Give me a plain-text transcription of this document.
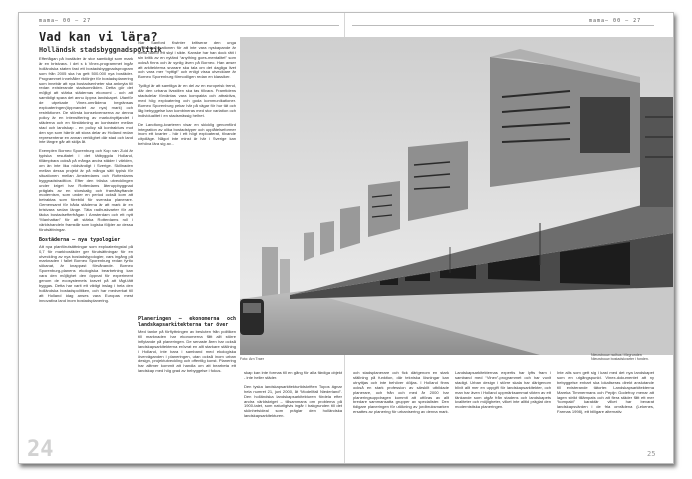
mama– 00 – 27	mama– 00 – 27
Vad kan vi lära?
Holländsk stadsbyggnadspolitik

Effertågan på bostäder är stor samtidigt som mark är en bristvara. I det s k Vinex-programmet ingår holländska staten fast ett bostadsbyggnadsprogram som från 2005 ska ha gett 500.000 nya bostäder. Programmet innehåller riktlinjer för bostadsplanering som innebär att nya bostadsenheter ska anknyta till redan existerande stadsområden. Detta gör det möjligt att stärka städernas ekonomi - och att samtidigt spara det annu öppna landskapet. Utanför de utpekade Vinex-områdena begränsas exploateringen(öppnandet av nya) mark) och restriktioner. De största konsekvenserna av denna policy är en intensifiering av markutnyttjandet i städerna och en förstärkning av kontraster mellan stad och landskap - en policy så kontrakturs mot den syn som härrör att stora delar av Holland redan representerar en annan verklighet där stad och land inte längre går att skilja åt.

Exemplen Borneo Sporenburg och Kop van Zuid är typiska resultatet i det tätbyggda Holland, tillämpbara också på många andra städer i världen, om än inte lika nödvändigt i Sverige. Skillnaden mellan dessa projekt är på många sätt typisk för situationen mellan Amsterdams och Rotterdams byggnadstradition. Efter den tröska utvecklingen under kriget har Rotterdams återuppbyggnad präglats av en storskalig och framåtsyftande modernism, som under en period också kom att betraktas som förebild för svenska planerare. Gemensamt för båda städerna är att mark är en bristvara sedan länge. Täta radhuskvarter för att täcka bostadsefterfrågan i Amsterdam och ett nytt “Manhattan” för att stärka Rotterdams roll i världshandeln framstår som logiska följder av dessa förutsättningar.

Bostäderna – nya typologier

Att nya planförutsättningar som exploateringstal på 0,7 för markbostäder ger förutsättningar för en utveckling av nya bostadstypologier, vars ingång på marknaden i fallet Borneo Sporenburg redan fyrtio sökanat, är knappast förvånande. Borneo Sporenburg-planens ekologiska bearbetning kan vara den möjlighet den öppnat för experiment genom de ecosystemets kravet på att tågt-tätt byggas. Detta har varit ett viktigt inslag i hela den holländska bostadspolitiken, och har medverkat till att Holland idag anses vara Europas mest innovativa land inom bostadsplanering.

Nar Sanford Kwinter kritiserar den unga arkitektgenerationen för att inte vara nyskapande är detta därför ett skyl i sikte. Kanske har han dock rätt i sin kritik av en nytänd “anything goes-mentalitet” som också finns och är synlig även på Borneo. Han anser att arkitekterna snarare ska tala om det dagliga livet och vara mer “nyttigt” och enligt vissa utvecklare är Borneo Sporenburg förmodligen redan en klassiker.

Tydligt är att samtliga är en del av en europeisk trend, där den urbana livsstilen ska tas tillvara. Framtidens stadsdelar förväntas vara kompakta och attraktiva, med hög exploatering och goda kommunikationer. Borneo Sporenburg pekar här på vägar för hur tät och låg bebyggelse kan kombineras med stor variation och individualitet i en stadsmässig helhet.

De Landtong-kvarteren visar en skicklig genomförd integration av olika bostadstyper och upplåtelseformer inom ett kvarter - här i ett högt exploaterat, tilvande citydläge. Något inte minst är här i Sverige kan behöva lära sig av...

Planeringen – ekonomerna och landskapsarkitekterna tar över

Med tanke på förflyttningen av besluten från politiken till marknaden har ekonomerna fått allt större inflytande på planeringen. De senaste åren har också landskapsarkitekterna erövrat en allt starkare ställning i Holland, inte bara i samband med ekologiska överväganden i planeringen, utan också inom urban design, projektutveckling och offentlig konst. Planering har alltmer kommit att handla om att bearbeta ett landskap med hög grad av bebyggelse i fokus.	skap kan inte formas till en gång för alla färdiga objekt - inte heller städer.

Den tyska landskapsarkitekturtidskriften Topos ägnar hela numret 21, juni 2000, åt “Modellfall Niederland”. Den holländska landskapsarkitekturen fördela efter andra världskriget – tillsammans om problema på 1900-talet, som naturligtvis ingår i bakgrunden till det skönhetsideal som präglar den holländska landskapsarkitekturen.

och stadsplanerare och fick därigenom en stark ställning på funktion, där tekniska lösningar kan utnyttjas och inte behöver döljas. I Holland finns också en stark profession av särskilt utbildade planerare, och från och med år 2000 har planeringsuppdragen kommit att utföras av allt bredare sammansatta grupper av specialister. Den tidigare planeringen för utökning av jordbruksmarken ersattes av planering för urbanisering av denna mark.

Landskapsarkitekternas expertis har lyfts fram i samband med “Vinex”-programmet och har vuxit stadigt. Urban design i större skala har därigenom blivit allt mer en uppgift för landskapsarkitekter, och man har även i Holland uppmärksammat vikten av ett tänkande som utgår från stadens och landskapets kvaliteter och möjligheter, vilket inte alltid präglat den modernistiska planeringen.

Inte alls som gett sig i kast med det nya landskapet som en utgångspunkt. Vinex-dokumentet att ny bebyggelse enbart ska lokaliseras direkt anslutande till existerande tätorter. Landskapsarkitekterna Mareka Timmermans och Pepijn Godefroy menar att lagen strikt tillämpats och att flera städer fått ett mer “kompakt” karaktär vilket har bevarat landskapsvärden i de fria områdena (Lekenes, Farmas 1998), ett billigare alternativ.

Foto: Arn Traer
Nieuwbouw radhus i förgrunden Nieuwbouw bostadskvarter i fonden.
24	25
